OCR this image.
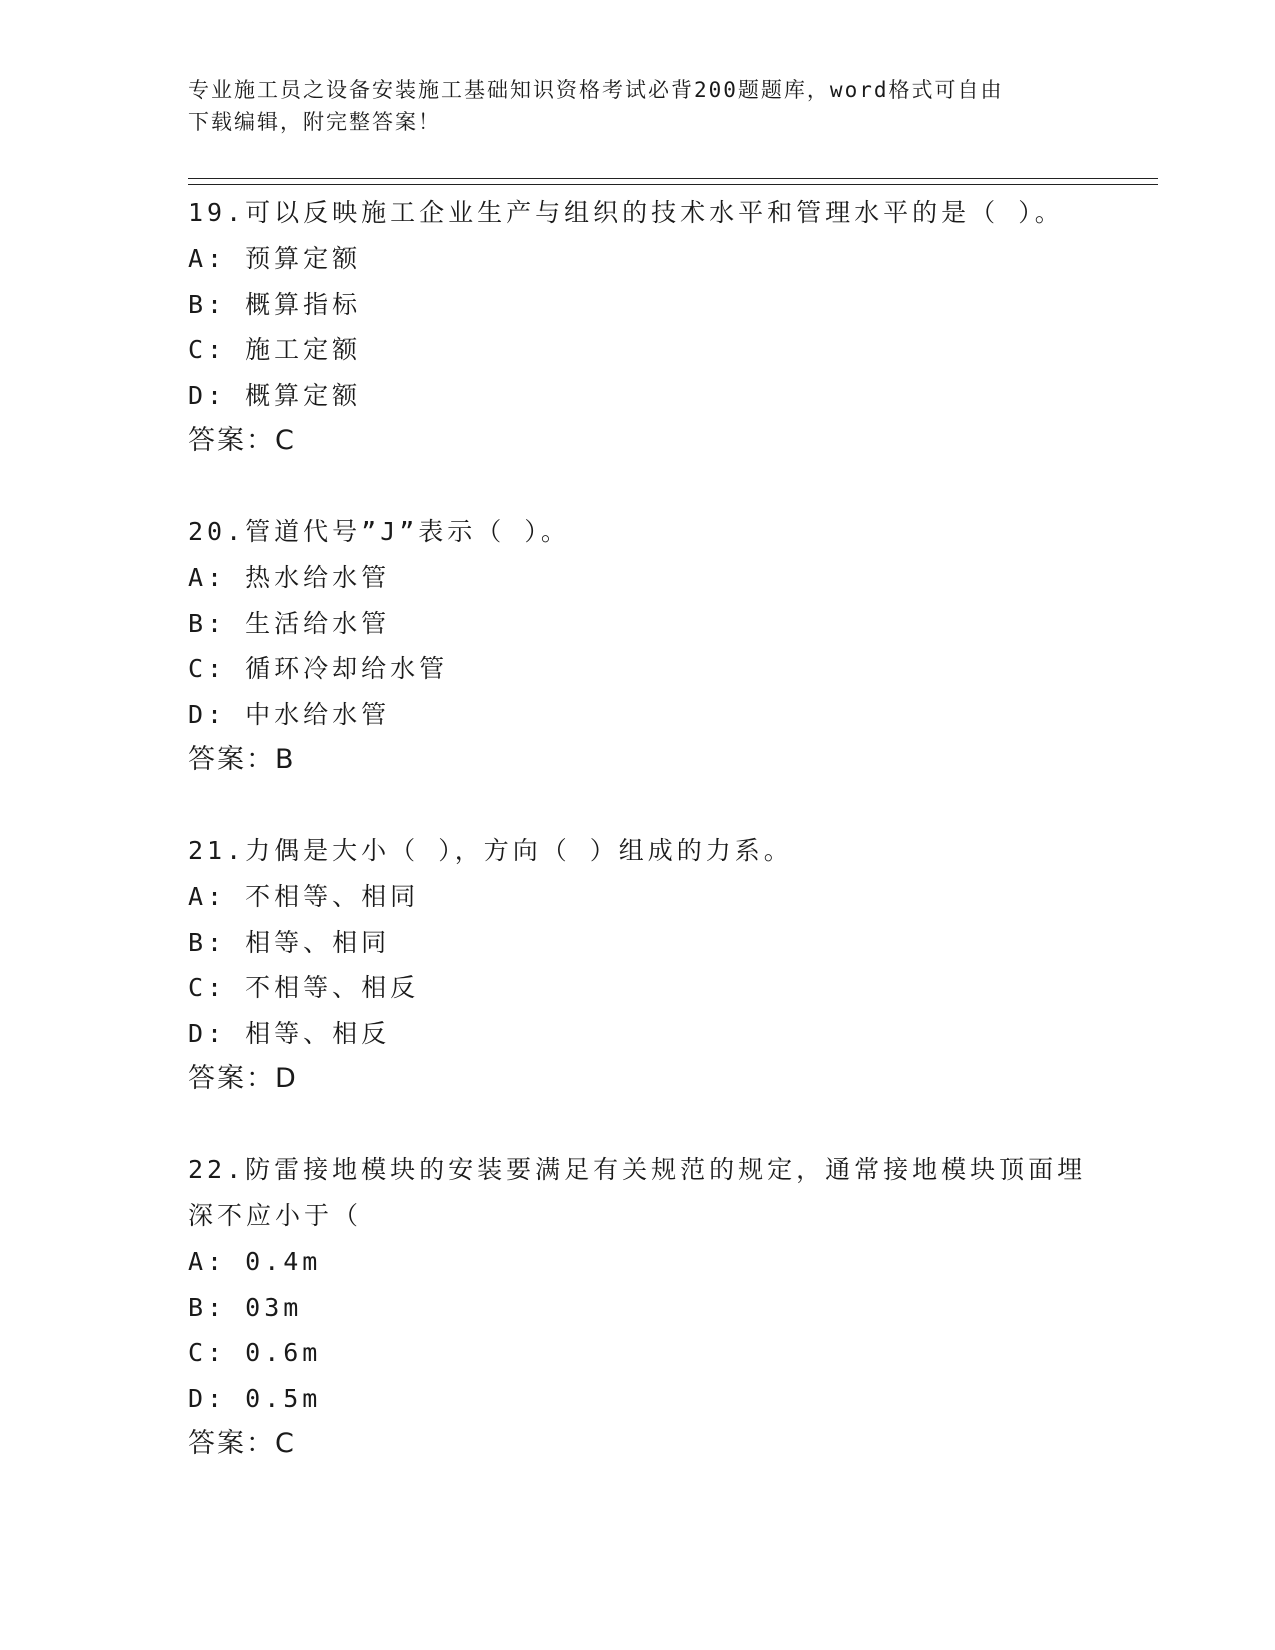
专业施工员之设备安装施工基础知识资格考试必背200题题库，word格式可自由
下载编辑，附完整答案！

19.可以反映施工企业生产与组织的技术水平和管理水平的是（ ）。

A: 预算定额

B: 概算指标

C: 施工定额

D: 概算定额

答案：C

20.管道代号”J”表示（ ）。

A: 热水给水管

B: 生活给水管

C: 循环冷却给水管

D: 中水给水管

答案：B

21.力偶是大小（ ），方向（ ）组成的力系。

A: 不相等、相同

B: 相等、相同

C: 不相等、相反

D: 相等、相反

答案：D

22.防雷接地模块的安装要满足有关规范的规定，通常接地模块顶面埋

深不应小于（

A: 0.4m

B: 03m

C: 0.6m

D: 0.5m

答案：C
